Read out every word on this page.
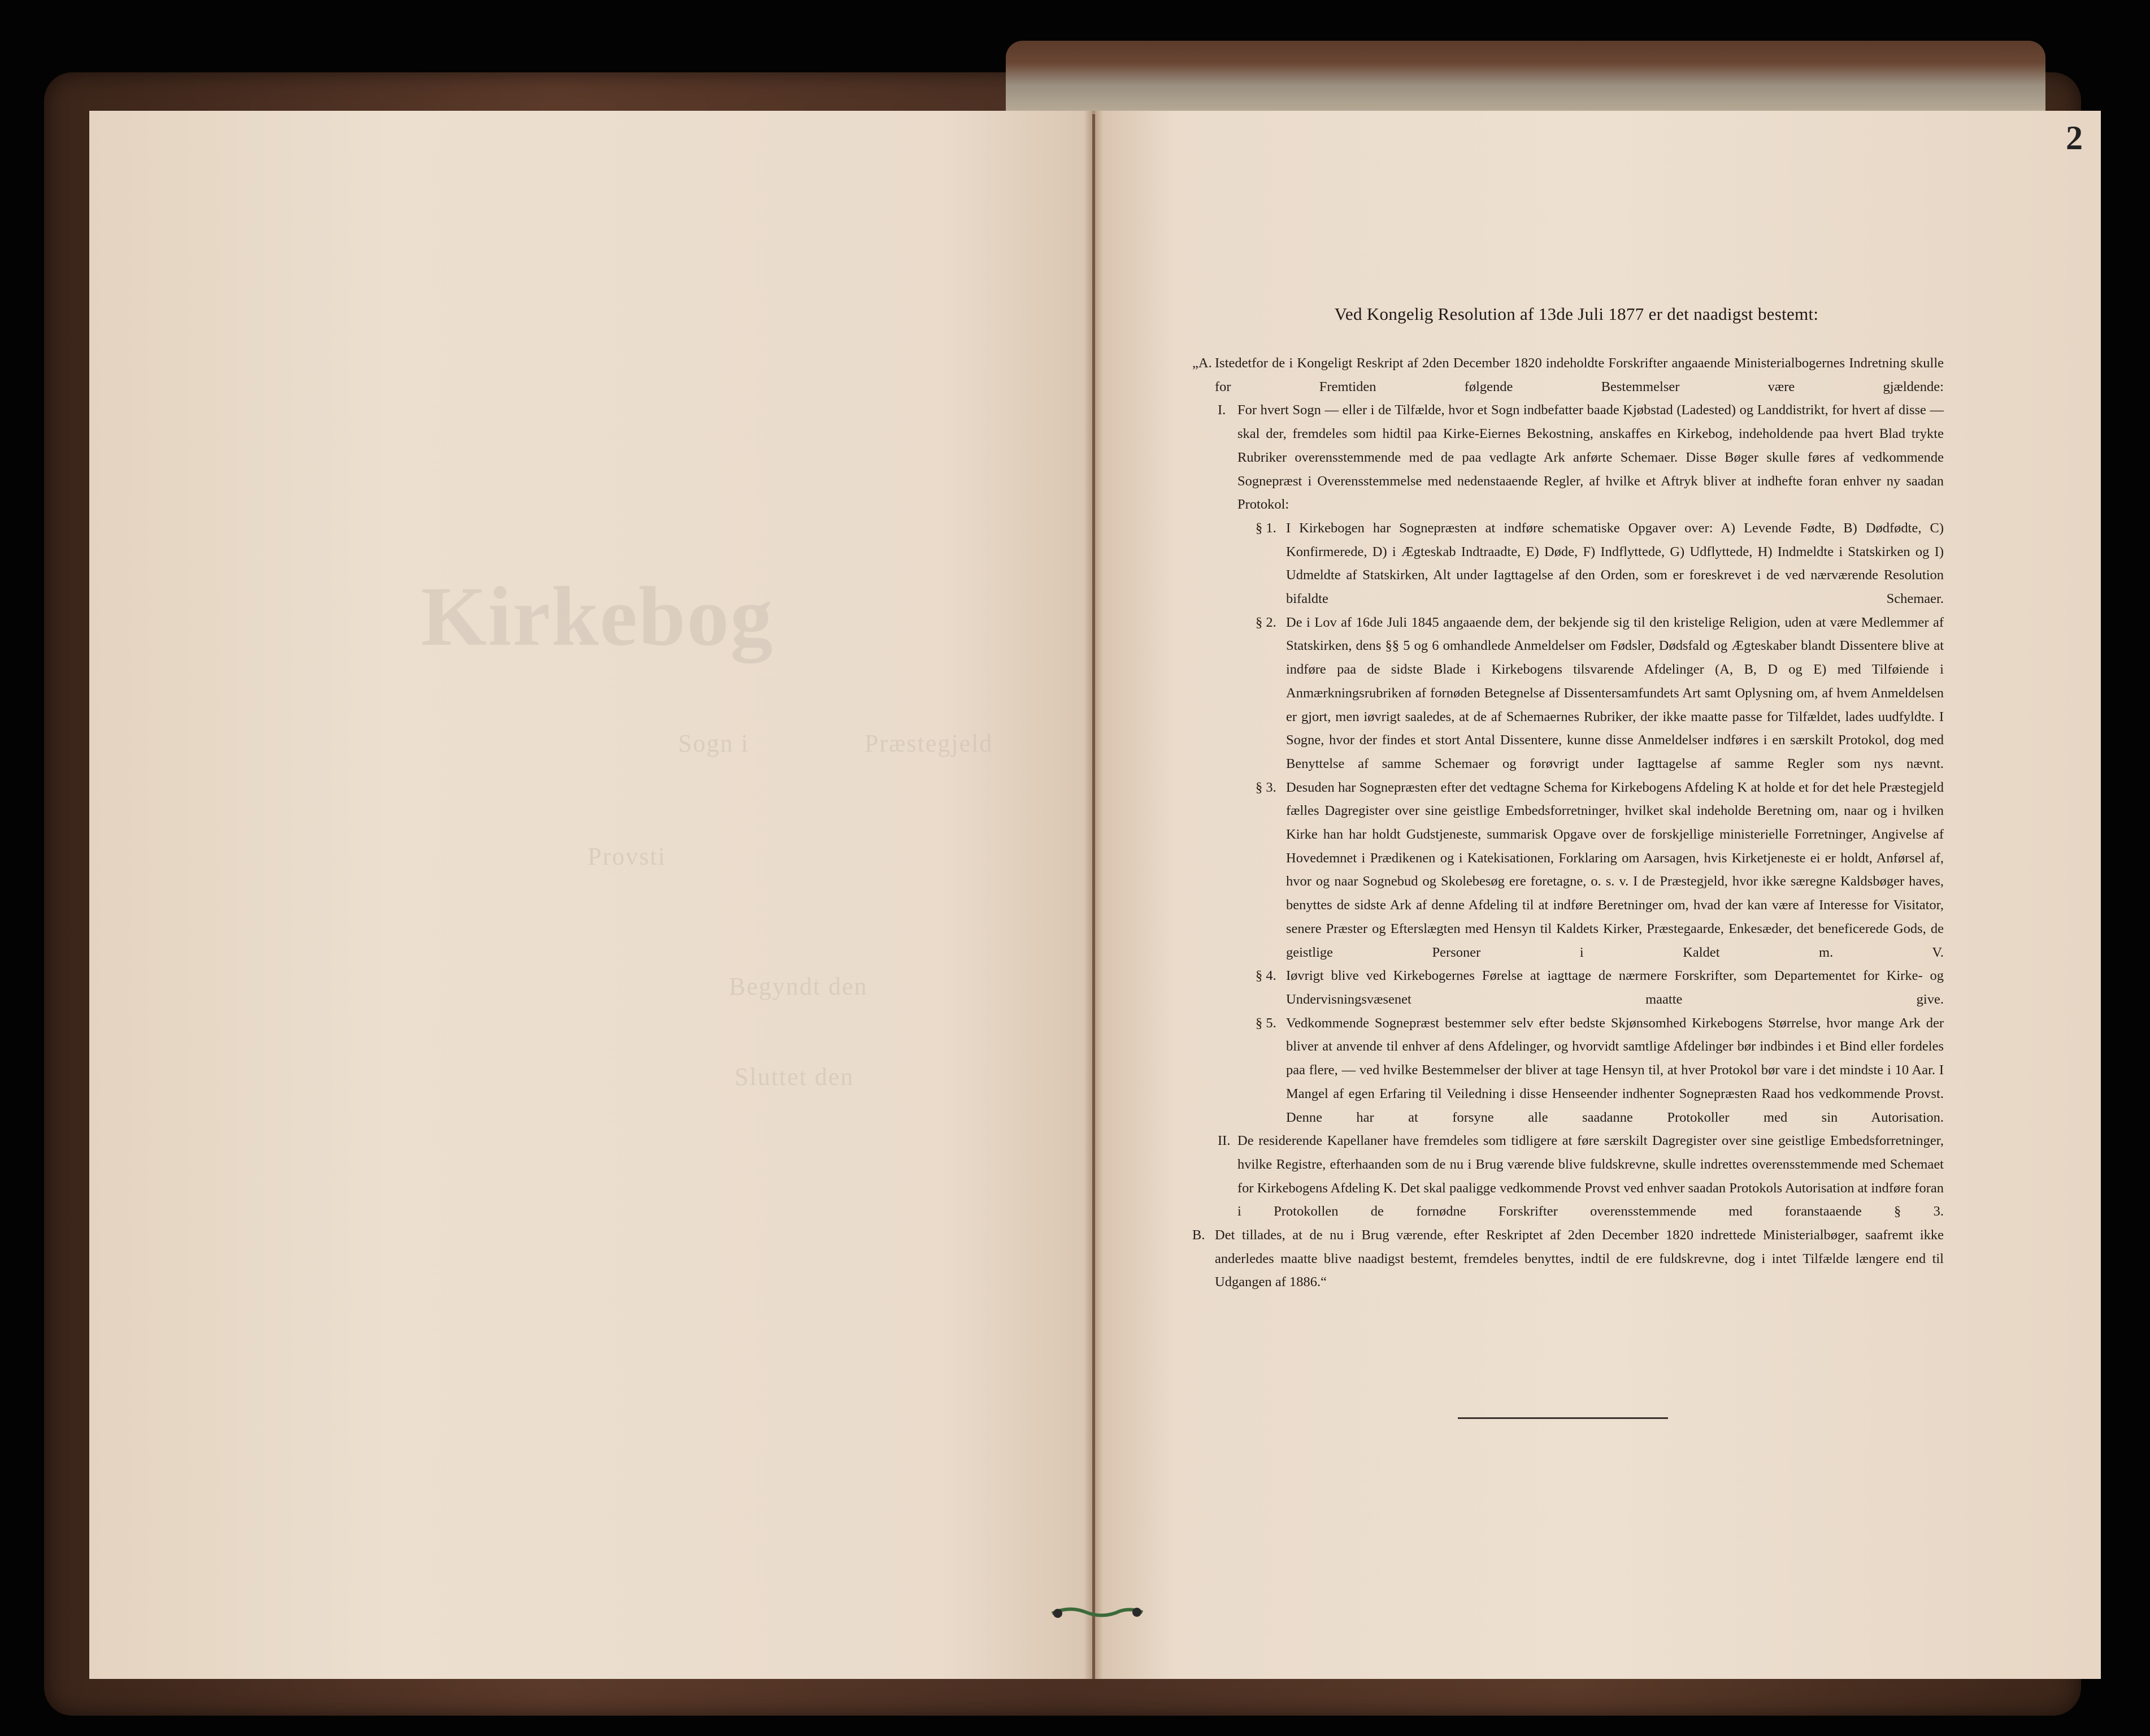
Kirkebog
Sogn i	Præstegjeld
Provsti
Begyndt den
Sluttet den
2
Ved Kongelig Resolution af 13de Juli 1877 er det naadigst bestemt:

„A. Istedetfor de i Kongeligt Reskript af 2den December 1820 indeholdte Forskrifter angaaende Ministerialbogernes Indretning skulle for Fremtiden følgende Bestemmelser være gjældende:

I. For hvert Sogn — eller i de Tilfælde, hvor et Sogn indbefatter baade Kjøbstad (Ladested) og Landdistrikt, for hvert af disse — skal der, fremdeles som hidtil paa Kirke-Eiernes Bekostning, anskaffes en Kirkebog, indeholdende paa hvert Blad trykte Rubriker overensstemmende med de paa vedlagte Ark anførte Schemaer. Disse Bøger skulle føres af vedkommende Sognepræst i Overensstemmelse med nedenstaaende Regler, af hvilke et Aftryk bliver at indhefte foran enhver ny saadan Protokol:

§ 1. I Kirkebogen har Sognepræsten at indføre schematiske Opgaver over: A) Levende Fødte, B) Dødfødte, C) Konfirmerede, D) i Ægteskab Indtraadte, E) Døde, F) Indflyttede, G) Udflyttede, H) Indmeldte i Statskirken og I) Udmeldte af Statskirken, Alt under Iagttagelse af den Orden, som er foreskrevet i de ved nærværende Resolution bifaldte Schemaer.

§ 2. De i Lov af 16de Juli 1845 angaaende dem, der bekjende sig til den kristelige Religion, uden at være Medlemmer af Statskirken, dens §§ 5 og 6 omhandlede Anmeldelser om Fødsler, Dødsfald og Ægteskaber blandt Dissentere blive at indføre paa de sidste Blade i Kirkebogens tilsvarende Afdelinger (A, B, D og E) med Tilføiende i Anmærkningsrubriken af fornøden Betegnelse af Dissentersamfundets Art samt Oplysning om, af hvem Anmeldelsen er gjort, men iøvrigt saaledes, at de af Schemaernes Rubriker, der ikke maatte passe for Tilfældet, lades uudfyldte. I Sogne, hvor der findes et stort Antal Dissentere, kunne disse Anmeldelser indføres i en særskilt Protokol, dog med Benyttelse af samme Schemaer og forøvrigt under Iagttagelse af samme Regler som nys nævnt.

§ 3. Desuden har Sognepræsten efter det vedtagne Schema for Kirkebogens Afdeling K at holde et for det hele Præstegjeld fælles Dagregister over sine geistlige Embedsforretninger, hvilket skal indeholde Beretning om, naar og i hvilken Kirke han har holdt Gudstjeneste, summarisk Opgave over de forskjellige ministerielle Forretninger, Angivelse af Hovedemnet i Prædikenen og i Katekisationen, Forklaring om Aarsagen, hvis Kirketjeneste ei er holdt, Anførsel af, hvor og naar Sognebud og Skolebesøg ere foretagne, o. s. v. I de Præstegjeld, hvor ikke særegne Kaldsbøger haves, benyttes de sidste Ark af denne Afdeling til at indføre Beretninger om, hvad der kan være af Interesse for Visitator, senere Præster og Efterslægten med Hensyn til Kaldets Kirker, Præstegaarde, Enkesæder, det beneficerede Gods, de geistlige Personer i Kaldet m. V.

§ 4. Iøvrigt blive ved Kirkebogernes Førelse at iagttage de nærmere Forskrifter, som Departementet for Kirke- og Undervisningsvæsenet maatte give.

§ 5. Vedkommende Sognepræst bestemmer selv efter bedste Skjønsomhed Kirkebogens Størrelse, hvor mange Ark der bliver at anvende til enhver af dens Afdelinger, og hvorvidt samtlige Afdelinger bør indbindes i et Bind eller fordeles paa flere, — ved hvilke Bestemmelser der bliver at tage Hensyn til, at hver Protokol bør vare i det mindste i 10 Aar. I Mangel af egen Erfaring til Veiledning i disse Henseender indhenter Sognepræsten Raad hos vedkommende Provst. Denne har at forsyne alle saadanne Protokoller med sin Autorisation.

II. De residerende Kapellaner have fremdeles som tidligere at føre særskilt Dagregister over sine geistlige Embedsforretninger, hvilke Registre, efterhaanden som de nu i Brug værende blive fuldskrevne, skulle indrettes overensstemmende med Schemaet for Kirkebogens Afdeling K. Det skal paaligge vedkommende Provst ved enhver saadan Protokols Autorisation at indføre foran i Protokollen de fornødne Forskrifter overensstemmende med foranstaaende § 3.

B. Det tillades, at de nu i Brug værende, efter Reskriptet af 2den December 1820 indrettede Ministerialbøger, saafremt ikke anderledes maatte blive naadigst bestemt, fremdeles benyttes, indtil de ere fuldskrevne, dog i intet Tilfælde længere end til Udgangen af 1886.“
